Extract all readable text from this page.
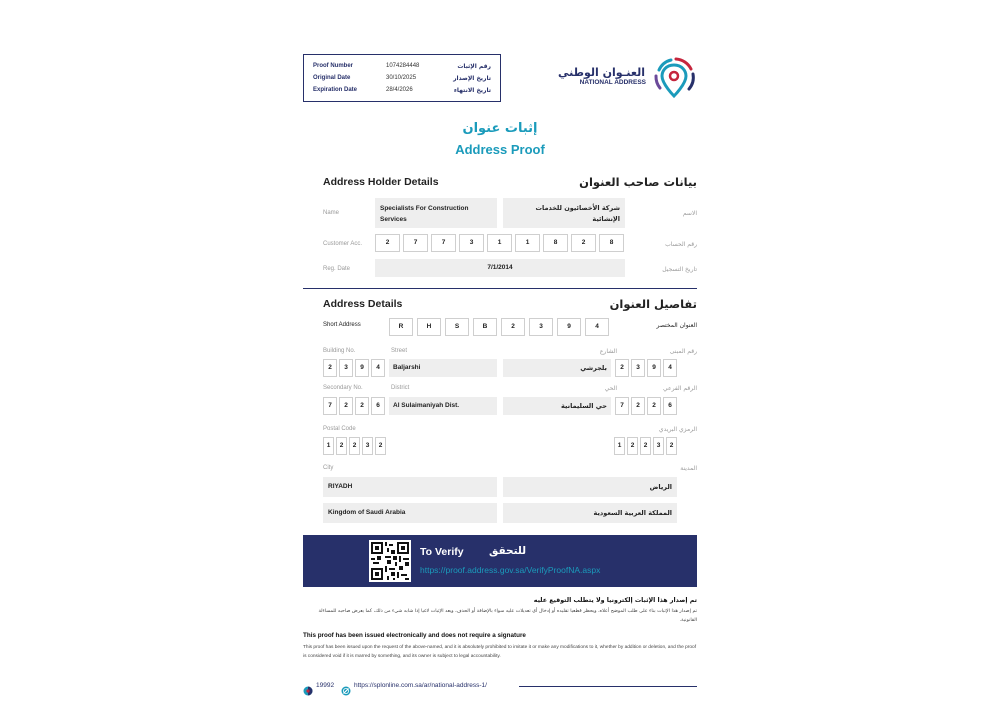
Proof Number	1074284448	رقم الإثبات
Original Date	30/10/2025	تاريخ الإصدار
Expiration Date	28/4/2026	تاريخ الانتهاء
العنـوان الوطني
NATIONAL ADDRESS
إثبات عنوان
Address Proof
Address Holder Details	بيانات صاحب العنوان
Name
Specialists For Construction Services
شركة الأخصائيون للخدمات الإنشائية
الاسم
Customer Acc.	2	7	7	3	1	1	8	2	8	رقم الحساب
Reg. Date	7/1/2014	تاريخ التسجيل
Address Details	تفاصيل العنوان
Short Address	R	H	S	B	2	3	9	4	العنوان المختصر
Building No.	Street	الشارع	رقم المبنى
2	3	9	4	Baljarshi	بلجرشي	2	3	9	4
Secondary No.	District	الحي	الرقم الفرعي
7	2	2	6	Al Sulaimaniyah Dist.	حي السليمانية	7	2	2	6
Postal Code	الرمزي البريدي
1	2	2	3	2	1	2	2	3	2
City	المدينة
RIYADH	الرياض
Kingdom of Saudi Arabia	المملكة العربية السعودية
To Verify للتحقق
https://proof.address.gov.sa/VerifyProofNA.aspx
تم إصدار هذا الإثبات إلكترونيا ولا يتطلب التوقيع عليه
تم إصدار هذا الإثبات بناء على طلب الموضح أعلاه، ويحظر قطعيا تقليده أو إدخال أي تعديلات عليه سواء بالإضافة أو الحذف، ويعد الإثبات لاغيا إذا شابه شيء من ذلك، كما يعرض صاحبه للمساءلة القانونية.
This proof has been issued electronically and does not require a signature
This proof has been issued upon the request of the above-named, and it is absolutely prohibited to imitate it or make any modifications to it, whether by addition or deletion, and the proof is considered void if it is marred by something, and its owner is subject to legal accountability.
19992	https://splonline.com.sa/ar/national-address-1/
